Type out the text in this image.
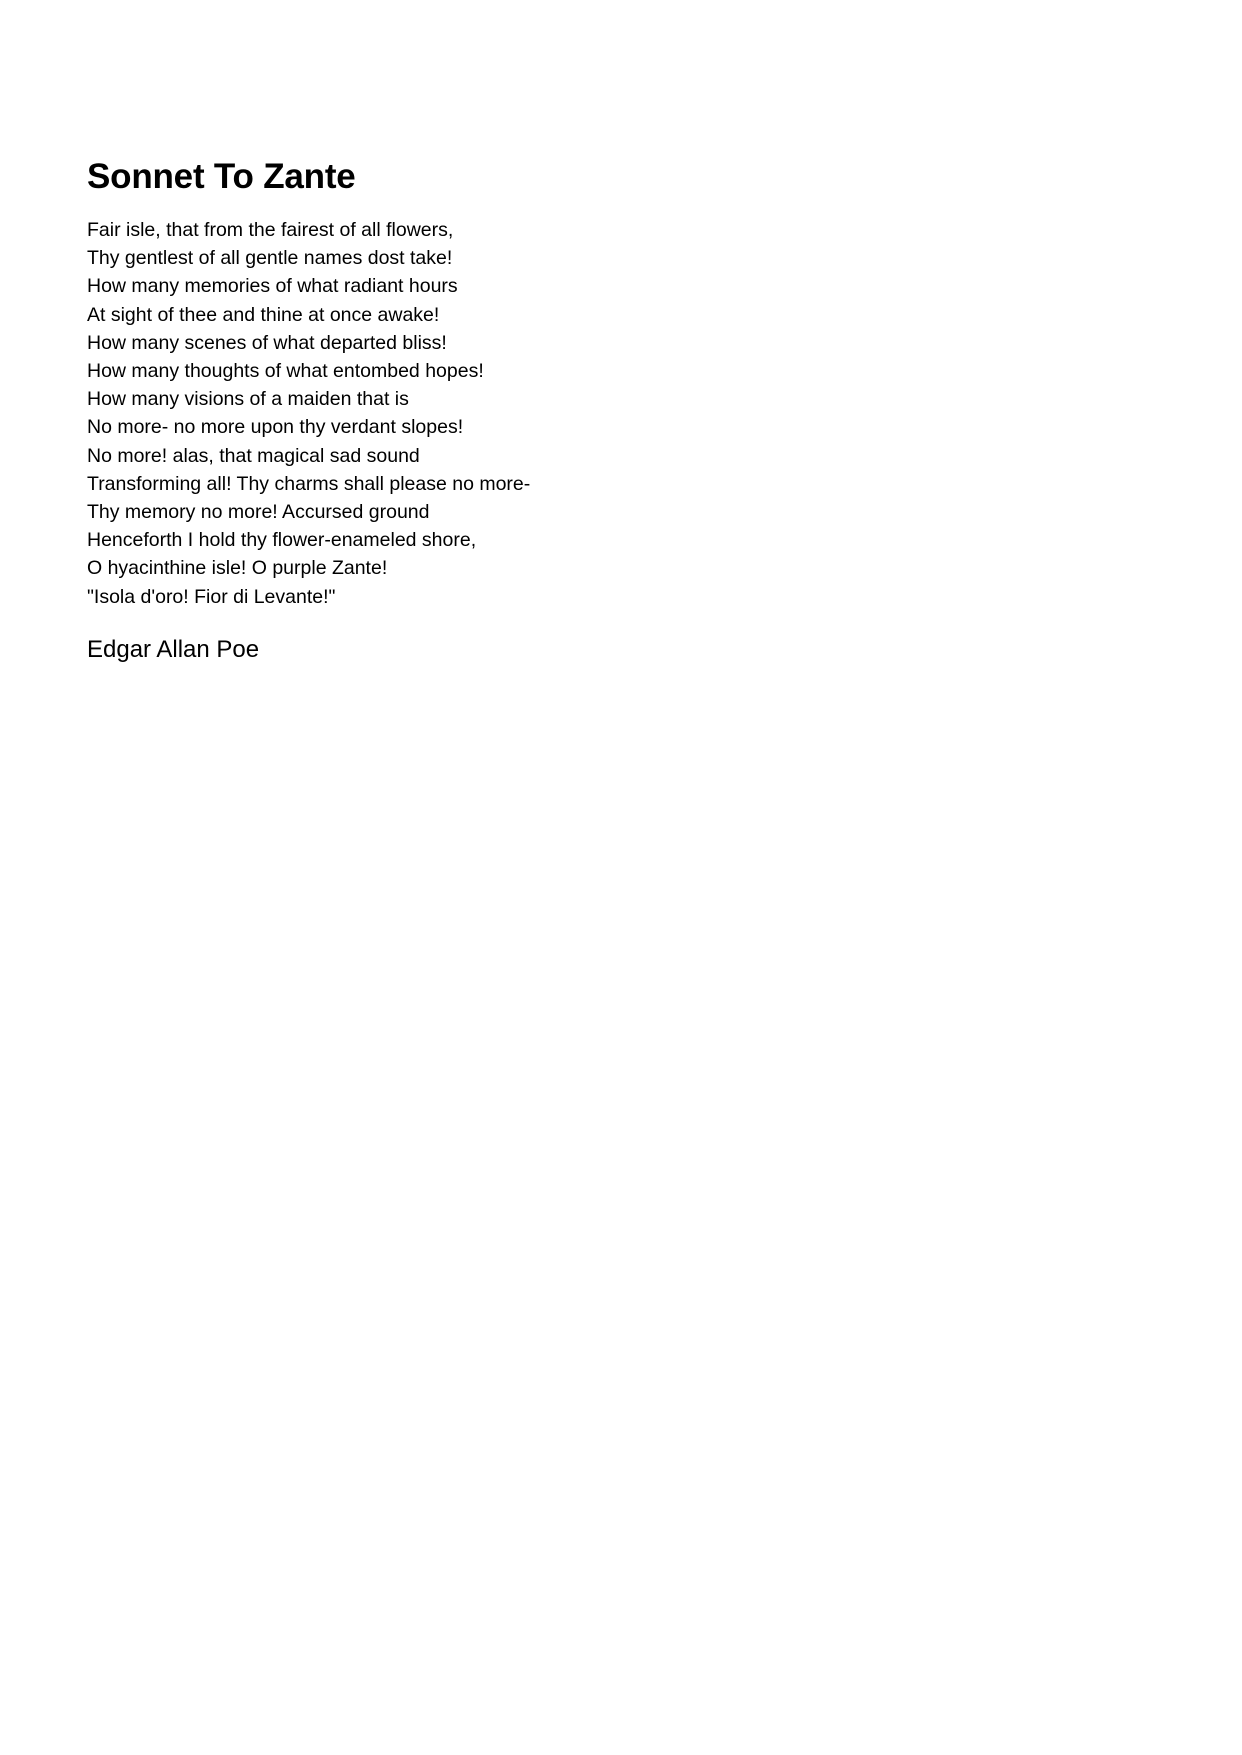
Sonnet To Zante
Fair isle, that from the fairest of all flowers,
Thy gentlest of all gentle names dost take!
How many memories of what radiant hours
At sight of thee and thine at once awake!
How many scenes of what departed bliss!
How many thoughts of what entombed hopes!
How many visions of a maiden that is
No more- no more upon thy verdant slopes!
No more! alas, that magical sad sound
Transforming all! Thy charms shall please no more-
Thy memory no more! Accursed ground
Henceforth I hold thy flower-enameled shore,
O hyacinthine isle! O purple Zante!
"Isola d'oro! Fior di Levante!"
Edgar Allan Poe
